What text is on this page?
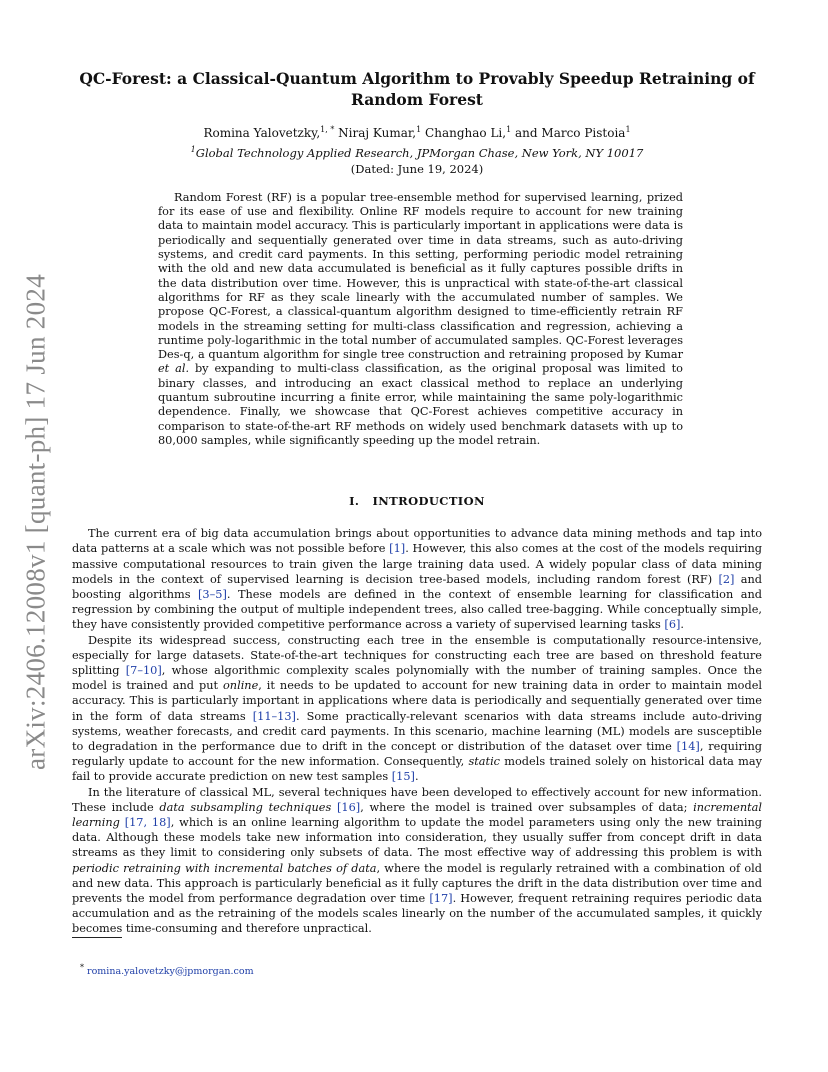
arXiv:2406.12008v1 [quant-ph] 17 Jun 2024
QC-Forest: a Classical-Quantum Algorithm to Provably Speedup Retraining of Random Forest
Romina Yalovetzky,$^{1, *}$ Niraj Kumar,$^1$ Changhao Li,$^1$ and Marco Pistoia$^1$
$^1$Global Technology Applied Research, JPMorgan Chase, New York, NY 10017
(Dated: June 19, 2024)

Random Forest (RF) is a popular tree-ensemble method for supervised learning, prized for its ease of use and flexibility. Online RF models require to account for new training data to maintain model accuracy. This is particularly important in applications were data is periodically and sequentially generated over time in data streams, such as auto-driving systems, and credit card payments. In this setting, performing periodic model retraining with the old and new data accumulated is beneficial as it fully captures possible drifts in the data distribution over time. However, this is unpractical with state-of-the-art classical algorithms for RF as they scale linearly with the accumulated number of samples. We propose QC-Forest, a classical-quantum algorithm designed to time-efficiently retrain RF models in the streaming setting for multi-class classification and regression, achieving a runtime poly-logarithmic in the total number of accumulated samples. QC-Forest leverages Des-q, a quantum algorithm for single tree construction and retraining proposed by Kumar et al. by expanding to multi-class classification, as the original proposal was limited to binary classes, and introducing an exact classical method to replace an underlying quantum subroutine incurring a finite error, while maintaining the same poly-logarithmic dependence. Finally, we showcase that QC-Forest achieves competitive accuracy in comparison to state-of-the-art RF methods on widely used benchmark datasets with up to 80,000 samples, while significantly speeding up the model retrain.

I. INTRODUCTION

The current era of big data accumulation brings about opportunities to advance data mining methods and tap into data patterns at a scale which was not possible before [1]. However, this also comes at the cost of the models requiring massive computational resources to train given the large training data used. A widely popular class of data mining models in the context of supervised learning is decision tree-based models, including random forest (RF) [2] and boosting algorithms [3–5]. These models are defined in the context of ensemble learning for classification and regression by combining the output of multiple independent trees, also called tree-bagging. While conceptually simple, they have consistently provided competitive performance across a variety of supervised learning tasks [6].

Despite its widespread success, constructing each tree in the ensemble is computationally resource-intensive, especially for large datasets. State-of-the-art techniques for constructing each tree are based on threshold feature splitting [7–10], whose algorithmic complexity scales polynomially with the number of training samples. Once the model is trained and put online, it needs to be updated to account for new training data in order to maintain model accuracy. This is particularly important in applications where data is periodically and sequentially generated over time in the form of data streams [11–13]. Some practically-relevant scenarios with data streams include auto-driving systems, weather forecasts, and credit card payments. In this scenario, machine learning (ML) models are susceptible to degradation in the performance due to drift in the concept or distribution of the dataset over time [14], requiring regularly update to account for the new information. Consequently, static models trained solely on historical data may fail to provide accurate prediction on new test samples [15].

In the literature of classical ML, several techniques have been developed to effectively account for new information. These include data subsampling techniques [16], where the model is trained over subsamples of data; incremental learning [17, 18], which is an online learning algorithm to update the model parameters using only the new training data. Although these models take new information into consideration, they usually suffer from concept drift in data streams as they limit to considering only subsets of data. The most effective way of addressing this problem is with periodic retraining with incremental batches of data, where the model is regularly retrained with a combination of old and new data. This approach is particularly beneficial as it fully captures the drift in the data distribution over time and prevents the model from performance degradation over time [17]. However, frequent retraining requires periodic data accumulation and as the retraining of the models scales linearly on the number of the accumulated samples, it quickly becomes time-consuming and therefore unpractical.

* romina.yalovetzky@jpmorgan.com
